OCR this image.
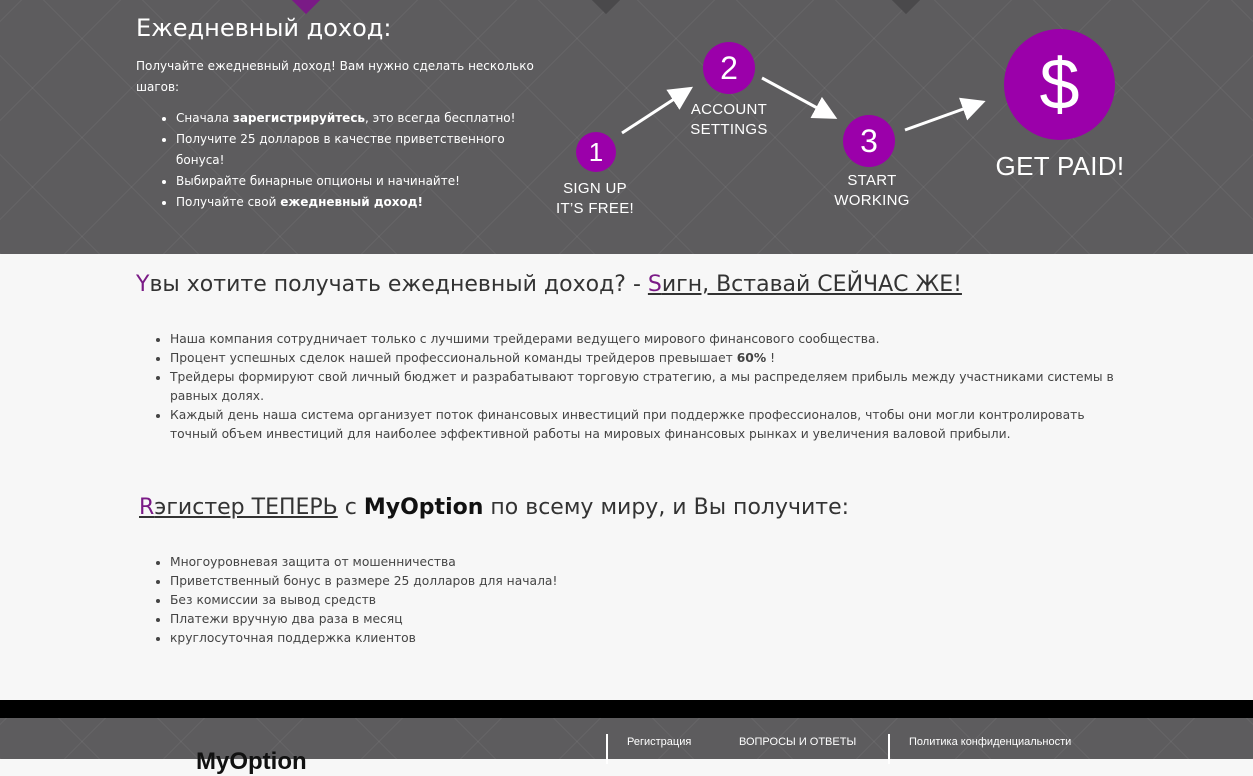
Ежедневный доход:

Получайте ежедневный доход! Вам нужно сделать несколько шагов:

• Сначала зарегистрируйтесь, это всегда бесплатно!
• Получите 25 долларов в качестве приветственного бонуса!
• Выбирайте бинарные опционы и начинайте!
• Получайте свой ежедневный доход!
1
SIGN UP
IT’S FREE!
2
ACCOUNT
SETTINGS	3
START
WORKING
$
GET PAID!
Yвы хотите получать ежедневный доход? - Sигн, Вставай СЕЙЧАС ЖЕ!
• Наша компания сотрудничает только с лучшими трейдерами ведущего мирового финансового сообщества.
• Процент успешных сделок нашей профессиональной команды трейдеров превышает 60% !
• Трейдеры формируют свой личный бюджет и разрабатывают торговую стратегию, а мы распределяем прибыль между участниками системы в равных долях.
• Каждый день наша система организует поток финансовых инвестиций при поддержке профессионалов, чтобы они могли контролировать точный объем инвестиций для наиболее эффективной работы на мировых финансовых рынках и увеличения валовой прибыли.
Rэгистер ТЕПЕРЬ с MyOption по всему миру, и Вы получите:
• Многоуровневая защита от мошенничества
• Приветственный бонус в размере 25 долларов для начала!
• Без комиссии за вывод средств
• Платежи вручную два раза в месяц
• круглосуточная поддержка клиентов
MyOption
Регистрация	ВОПРОСЫ И ОТВЕТЫ	Политика конфиденциальности
